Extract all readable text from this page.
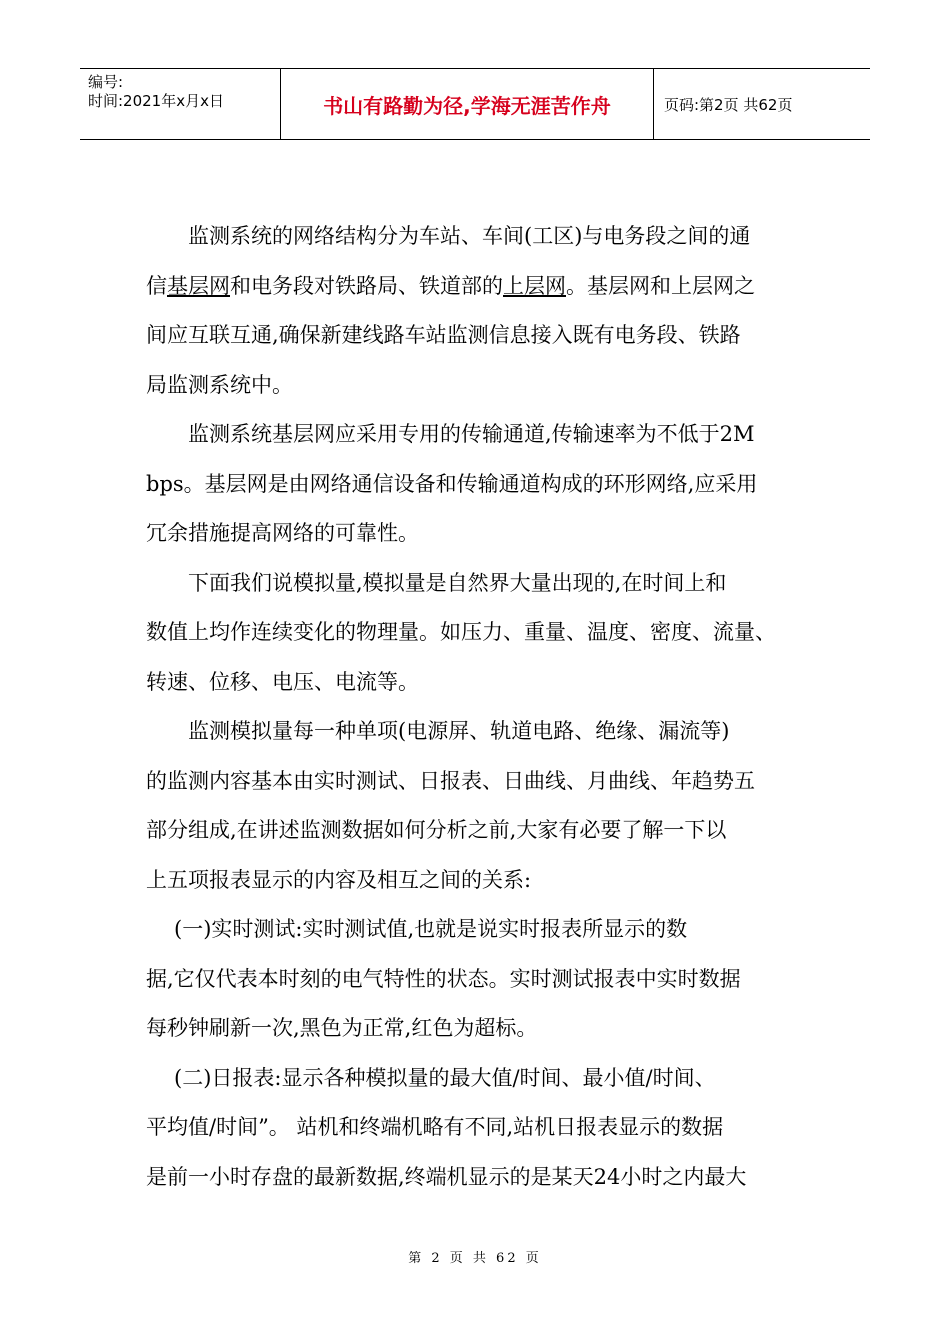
编号:
时间:2021年x月x日	书山有路勤为径,学海无涯苦作舟	页码:第2页 共62页
监测系统的网络结构分为车站、车间(工区)与电务段之间的通
信基层网和电务段对铁路局、铁道部的上层网。基层网和上层网之
间应互联互通,确保新建线路车站监测信息接入既有电务段、铁路
局监测系统中。
监测系统基层网应采用专用的传输通道,传输速率为不低于2M
bps。基层网是由网络通信设备和传输通道构成的环形网络,应采用
冗余措施提高网络的可靠性。
下面我们说模拟量,模拟量是自然界大量出现的,在时间上和
数值上均作连续变化的物理量。如压力、重量、温度、密度、流量、
转速、位移、电压、电流等。
监测模拟量每一种单项(电源屏、轨道电路、绝缘、漏流等)
的监测内容基本由实时测试、日报表、日曲线、月曲线、年趋势五
部分组成,在讲述监测数据如何分析之前,大家有必要了解一下以
上五项报表显示的内容及相互之间的关系:
(一)实时测试:实时测试值,也就是说实时报表所显示的数
据,它仅代表本时刻的电气特性的状态。实时测试报表中实时数据
每秒钟刷新一次,黑色为正常,红色为超标。
(二)日报表:显示各种模拟量的最大值/时间、最小值/时间、
平均值/时间”。 站机和终端机略有不同,站机日报表显示的数据
是前一小时存盘的最新数据,终端机显示的是某天24小时之内最大
第 2 页 共 62 页
